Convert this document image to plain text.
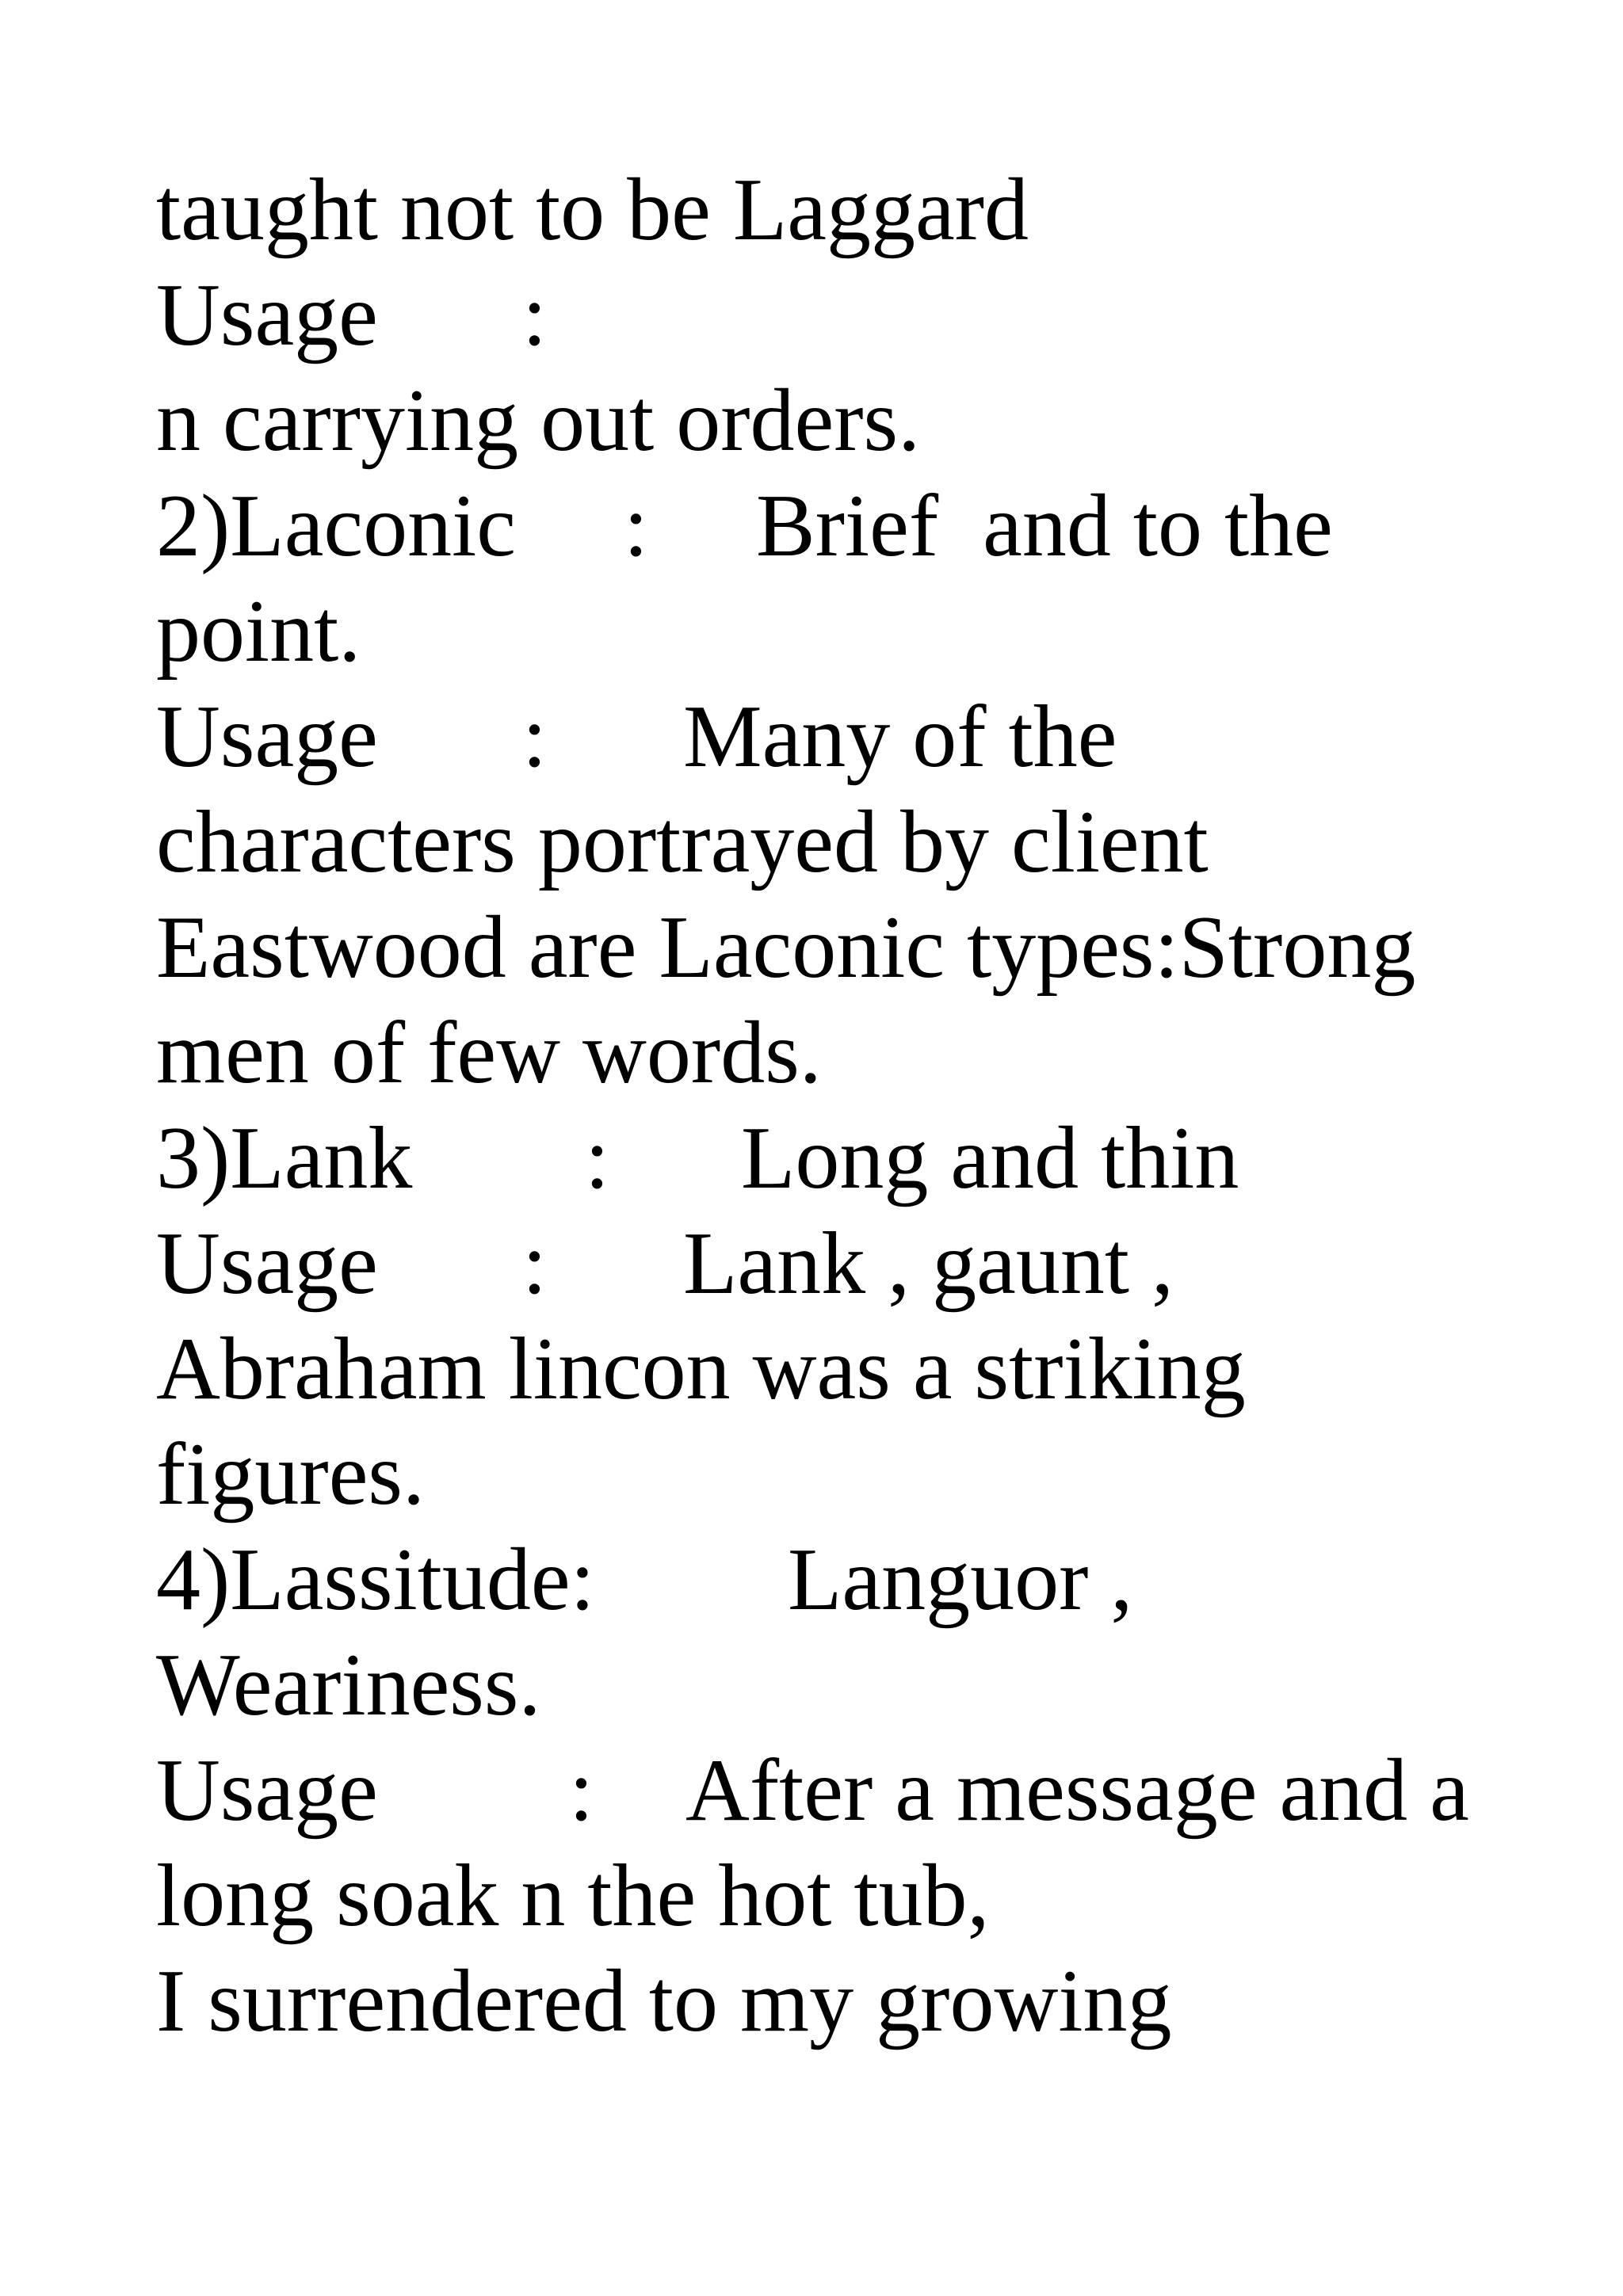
taught not to be Laggard

Usage

:

n carrying out orders.

2)Laconic

:

Brief  and to the

point.

Usage

:

Many of the

characters portrayed by client

Eastwood are Laconic types:Strong

men of few words.

3)Lank

:

Long and thin

Usage

:

Lank , gaunt ,

Abraham lincon was a striking

figures.

4)Lassitude:

Languor ,

Weariness.

Usage

:

After a message and a

long soak n the hot tub,

I surrendered to my growing
